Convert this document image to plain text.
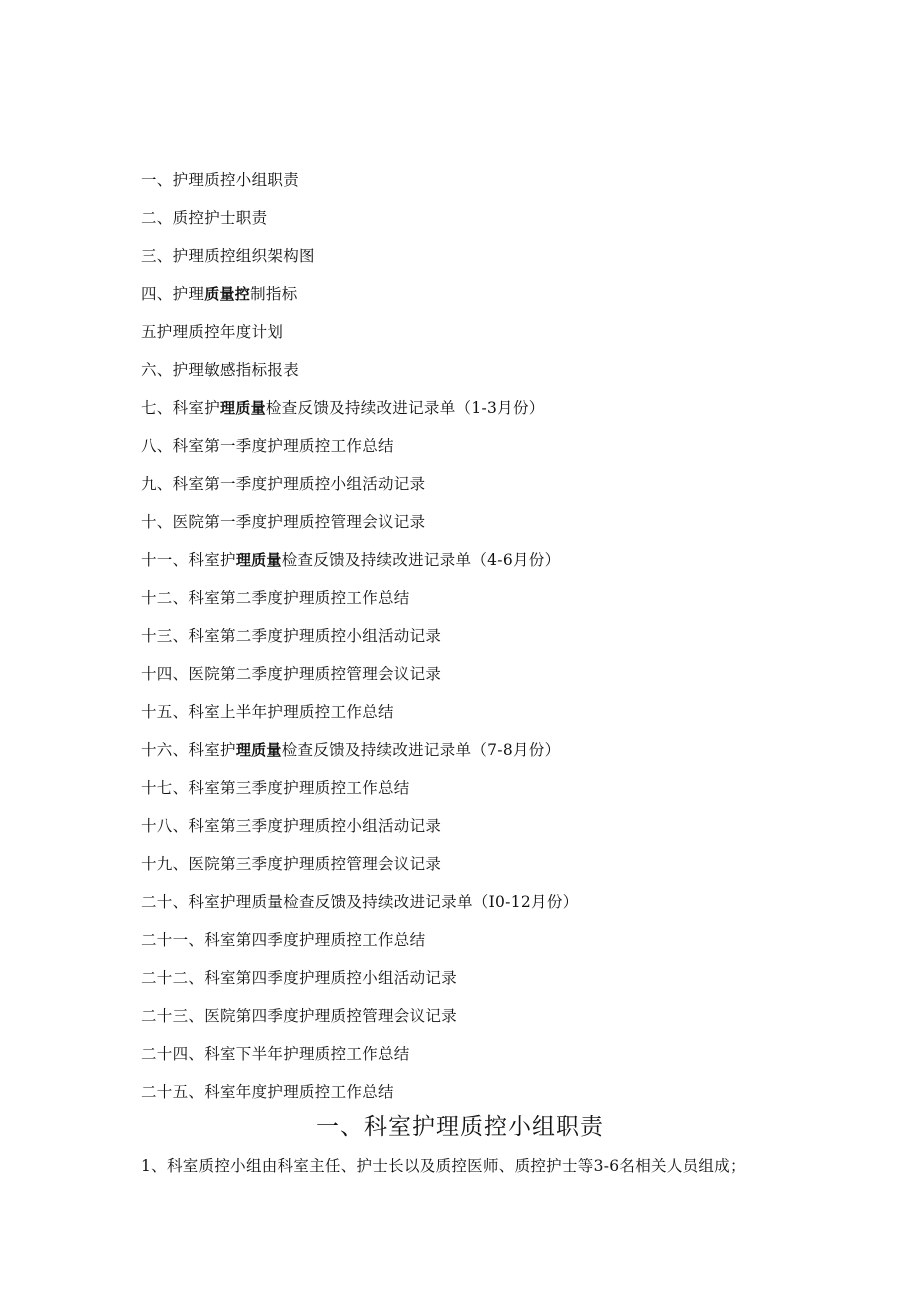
一、护理质控小组职责
二、质控护士职责
三、护理质控组织架构图
四、护理质量控制指标
五护理质控年度计划
六、护理敏感指标报表
七、科室护理质量检查反馈及持续改进记录单（1-3月份）
八、科室第一季度护理质控工作总结
九、科室第一季度护理质控小组活动记录
十、医院第一季度护理质控管理会议记录
十一、科室护理质量检查反馈及持续改进记录单（4-6月份）
十二、科室第二季度护理质控工作总结
十三、科室第二季度护理质控小组活动记录
十四、医院第二季度护理质控管理会议记录
十五、科室上半年护理质控工作总结
十六、科室护理质量检查反馈及持续改进记录单（7-8月份）
十七、科室第三季度护理质控工作总结
十八、科室第三季度护理质控小组活动记录
十九、医院第三季度护理质控管理会议记录
二十、科室护理质量检查反馈及持续改进记录单（I0-12月份）
二十一、科室第四季度护理质控工作总结
二十二、科室第四季度护理质控小组活动记录
二十三、医院第四季度护理质控管理会议记录
二十四、科室下半年护理质控工作总结
二十五、科室年度护理质控工作总结
一、科室护理质控小组职责

1、科室质控小组由科室主任、护士长以及质控医师、质控护士等3-6名相关人员组成；
